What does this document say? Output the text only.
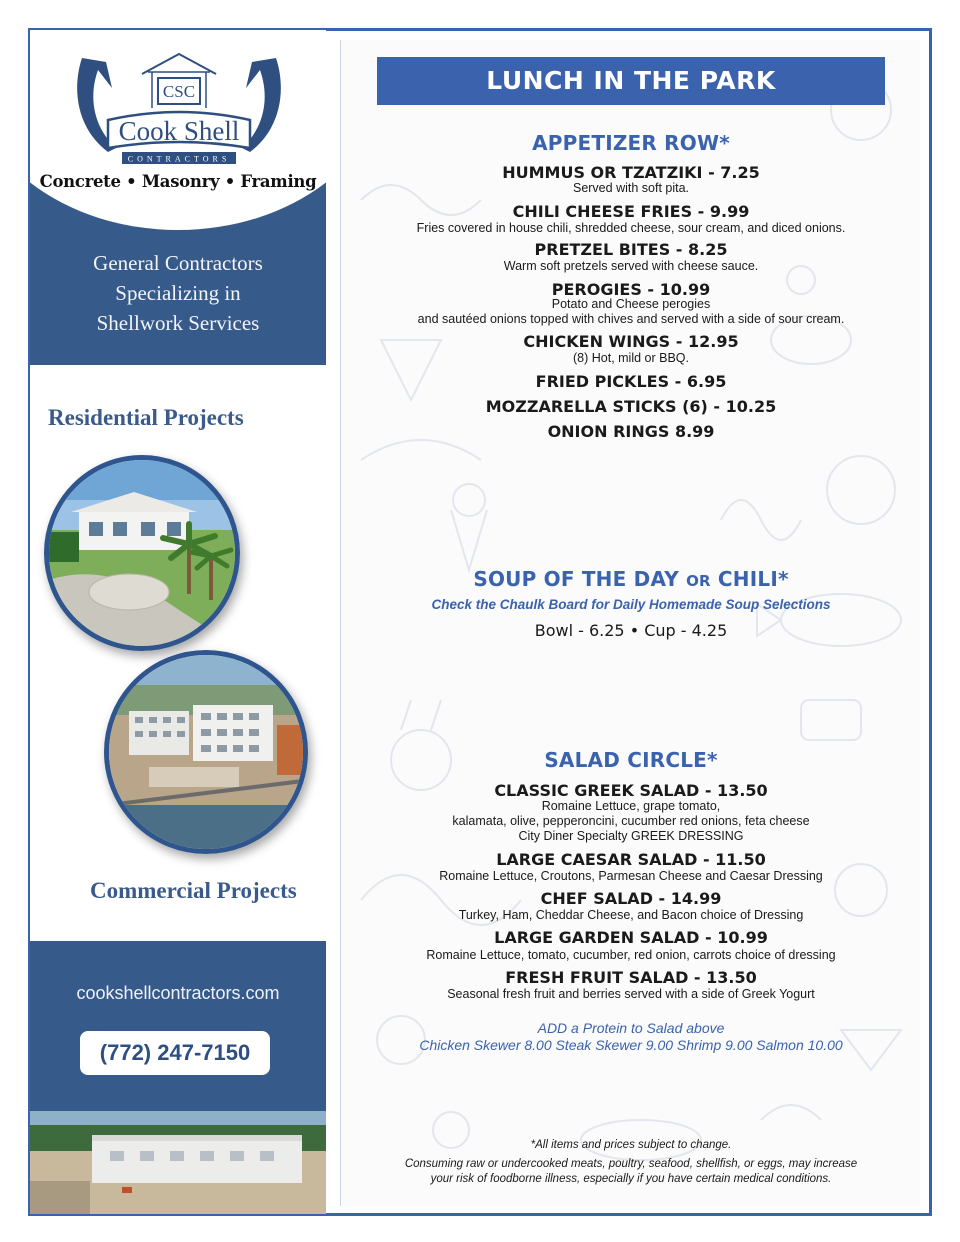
CSC
Cook Shell
CONTRACTORS
Concrete • Masonry • Framing
General Contractors
Specializing in
Shellwork Services
Residential Projects
Commercial Projects
cookshellcontractors.com
(772) 247-7150
LUNCH IN THE PARK
APPETIZER ROW*
HUMMUS OR TZATZIKI - 7.25
Served with soft pita.
CHILI CHEESE FRIES - 9.99
Fries covered in house chili, shredded cheese, sour cream, and diced onions.
PRETZEL BITES - 8.25
Warm soft pretzels served with cheese sauce.
PEROGIES - 10.99
Potato and Cheese perogies
and sautéed onions topped with chives and served with a side of sour cream.
CHICKEN WINGS - 12.95
(8) Hot, mild or BBQ.
FRIED PICKLES - 6.95
MOZZARELLA STICKS (6) - 10.25
ONION RINGS 8.99
SOUP OF THE DAY OR CHILI*
Check the Chaulk Board for Daily Homemade Soup Selections
Bowl - 6.25 • Cup - 4.25
SALAD CIRCLE*
CLASSIC GREEK SALAD - 13.50
Romaine Lettuce, grape tomato,
kalamata, olive, pepperoncini, cucumber red onions, feta cheese
City Diner Specialty GREEK DRESSING
LARGE CAESAR SALAD - 11.50
Romaine Lettuce, Croutons, Parmesan Cheese and Caesar Dressing
CHEF SALAD - 14.99
Turkey, Ham, Cheddar Cheese, and Bacon choice of Dressing
LARGE GARDEN SALAD - 10.99
Romaine Lettuce, tomato, cucumber, red onion, carrots choice of dressing
FRESH FRUIT SALAD - 13.50
Seasonal fresh fruit and berries served with a side of Greek Yogurt
ADD a Protein to Salad above
Chicken Skewer 8.00 Steak Skewer 9.00 Shrimp 9.00 Salmon 10.00
*All items and prices subject to change.
Consuming raw or undercooked meats, poultry, seafood, shellfish, or eggs, may increase
your risk of foodborne illness, especially if you have certain medical conditions.
